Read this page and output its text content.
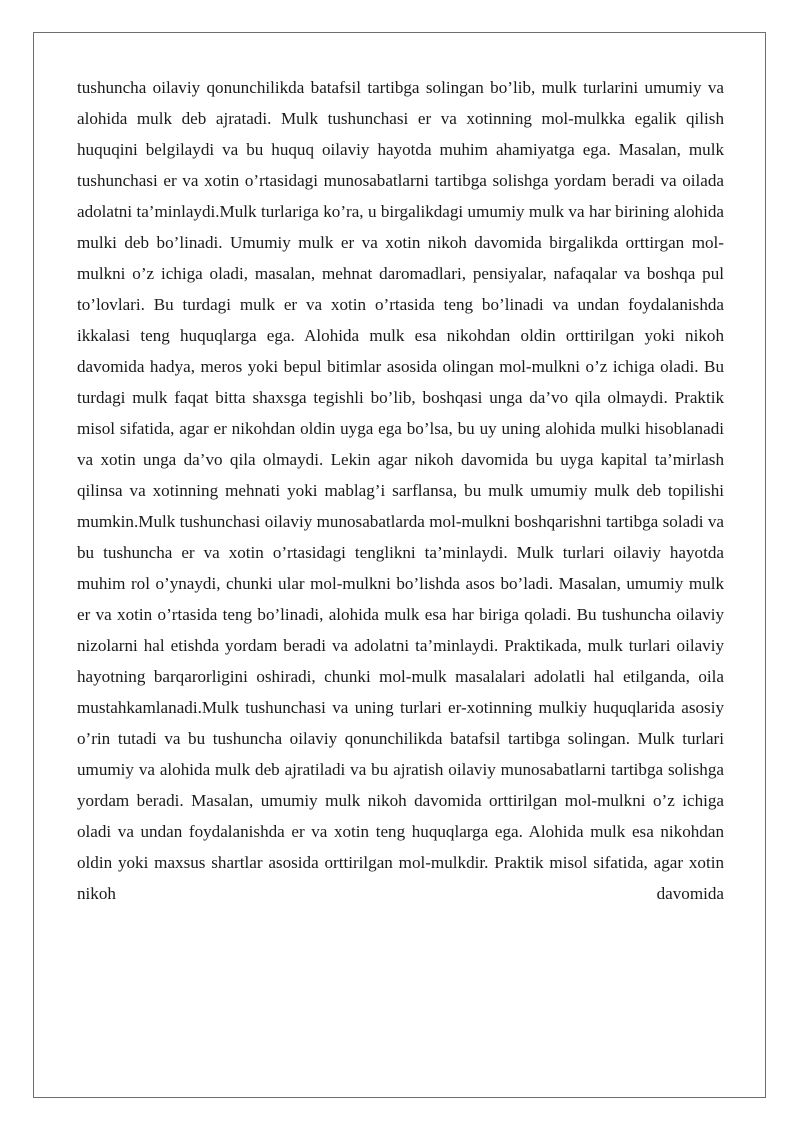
tushuncha oilaviy qonunchilikda batafsil tartibga solingan bo’lib, mulk turlarini umumiy va alohida mulk deb ajratadi. Mulk tushunchasi er va xotinning mol-mulkka egalik qilish huquqini belgilaydi va bu huquq oilaviy hayotda muhim ahamiyatga ega. Masalan, mulk tushunchasi er va xotin o’rtasidagi munosabatlarni tartibga solishga yordam beradi va oilada adolatni ta’minlaydi.Mulk turlariga ko’ra, u birgalikdagi umumiy mulk va har birining alohida mulki deb bo’linadi. Umumiy mulk er va xotin nikoh davomida birgalikda orttirgan mol-mulkni o’z ichiga oladi, masalan, mehnat daromadlari, pensiyalar, nafaqalar va boshqa pul to’lovlari. Bu turdagi mulk er va xotin o’rtasida teng bo’linadi va undan foydalanishda ikkalasi teng huquqlarga ega. Alohida mulk esa nikohdan oldin orttirilgan yoki nikoh davomida hadya, meros yoki bepul bitimlar asosida olingan mol-mulkni o’z ichiga oladi. Bu turdagi mulk faqat bitta shaxsga tegishli bo’lib, boshqasi unga da’vo qila olmaydi. Praktik misol sifatida, agar er nikohdan oldin uyga ega bo’lsa, bu uy uning alohida mulki hisoblanadi va xotin unga da’vo qila olmaydi. Lekin agar nikoh davomida bu uyga kapital ta’mirlash qilinsa va xotinning mehnati yoki mablag’i sarflansa, bu mulk umumiy mulk deb topilishi mumkin.Mulk tushunchasi oilaviy munosabatlarda mol-mulkni boshqarishni tartibga soladi va bu tushuncha er va xotin o’rtasidagi tenglikni ta’minlaydi. Mulk turlari oilaviy hayotda muhim rol o’ynaydi, chunki ular mol-mulkni bo’lishda asos bo’ladi. Masalan, umumiy mulk er va xotin o’rtasida teng bo’linadi, alohida mulk esa har biriga qoladi. Bu tushuncha oilaviy nizolarni hal etishda yordam beradi va adolatni ta’minlaydi. Praktikada, mulk turlari oilaviy hayotning barqarorligini oshiradi, chunki mol-mulk masalalari adolatli hal etilganda, oila mustahkamlanadi.Mulk tushunchasi va uning turlari er-xotinning mulkiy huquqlarida asosiy o’rin tutadi va bu tushuncha oilaviy qonunchilikda batafsil tartibga solingan. Mulk turlari umumiy va alohida mulk deb ajratiladi va bu ajratish oilaviy munosabatlarni tartibga solishga yordam beradi. Masalan, umumiy mulk nikoh davomida orttirilgan mol-mulkni o’z ichiga oladi va undan foydalanishda er va xotin teng huquqlarga ega. Alohida mulk esa nikohdan oldin yoki maxsus shartlar asosida orttirilgan mol-mulkdir. Praktik misol sifatida, agar xotin nikoh davomida
